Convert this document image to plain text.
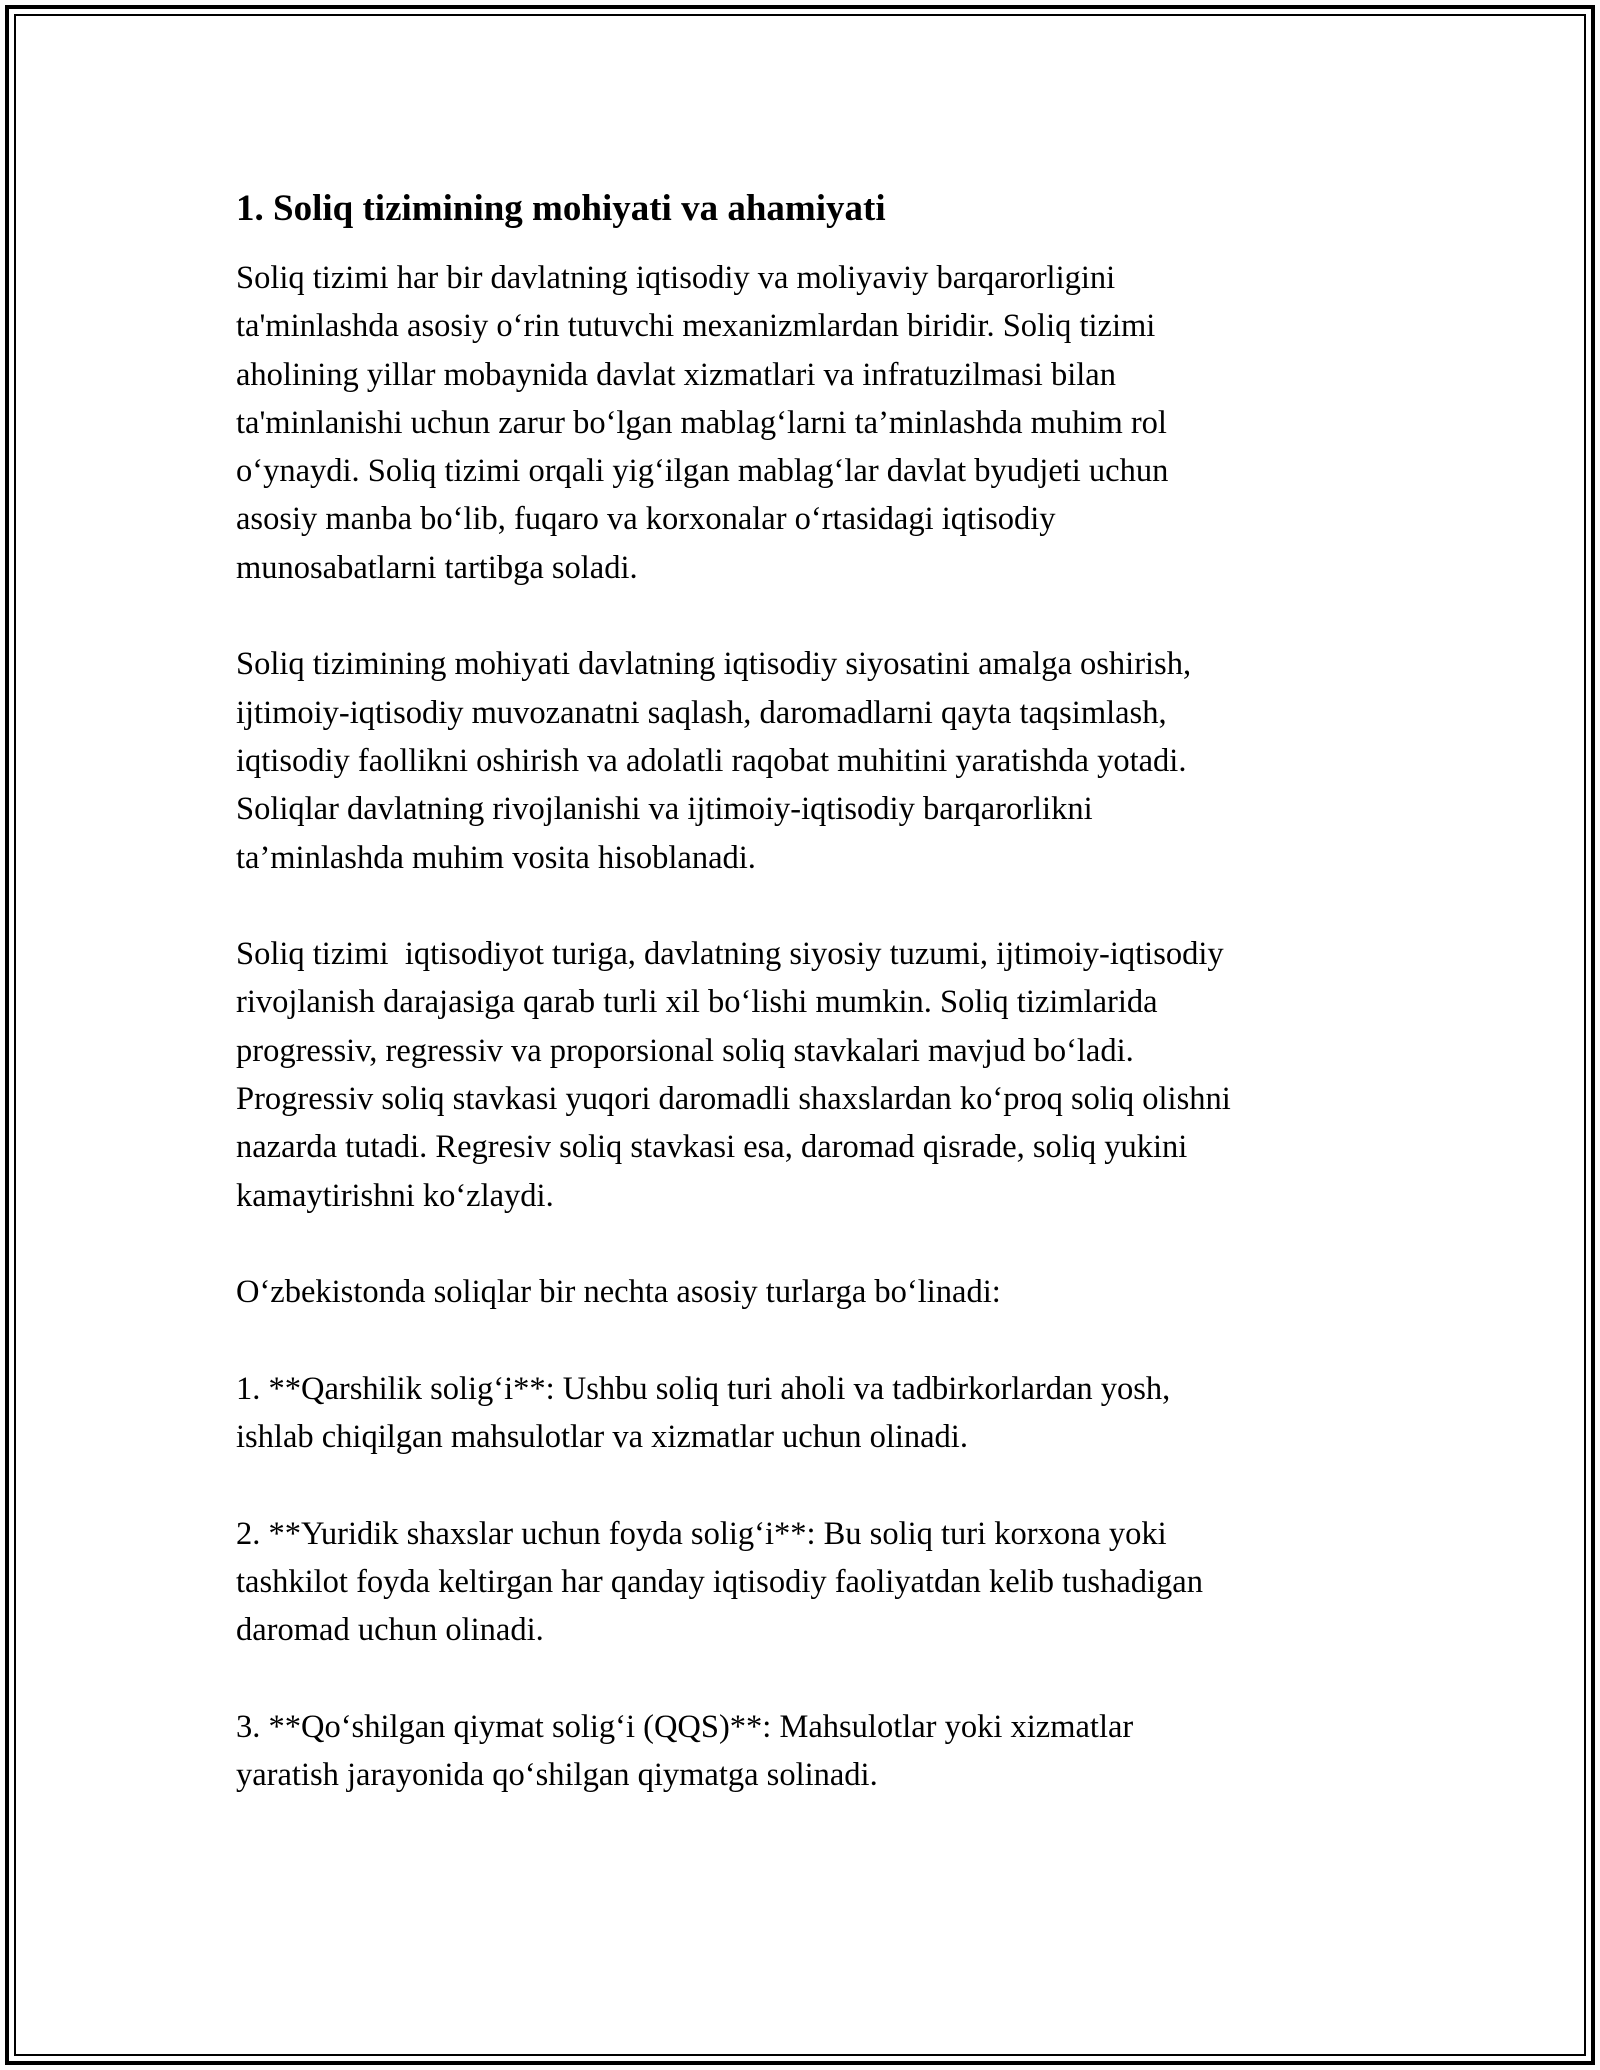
1. Soliq tizimining mohiyati va ahamiyati
Soliq tizimi har bir davlatning iqtisodiy va moliyaviy barqarorligini
ta'minlashda asosiy o‘rin tutuvchi mexanizmlardan biridir. Soliq tizimi
aholining yillar mobaynida davlat xizmatlari va infratuzilmasi bilan
ta'minlanishi uchun zarur bo‘lgan mablag‘larni ta’minlashda muhim rol
o‘ynaydi. Soliq tizimi orqali yig‘ilgan mablag‘lar davlat byudjeti uchun
asosiy manba bo‘lib, fuqaro va korxonalar o‘rtasidagi iqtisodiy
munosabatlarni tartibga soladi.
Soliq tizimining mohiyati davlatning iqtisodiy siyosatini amalga oshirish,
ijtimoiy-iqtisodiy muvozanatni saqlash, daromadlarni qayta taqsimlash,
iqtisodiy faollikni oshirish va adolatli raqobat muhitini yaratishda yotadi.
Soliqlar davlatning rivojlanishi va ijtimoiy-iqtisodiy barqarorlikni
ta’minlashda muhim vosita hisoblanadi.
Soliq tizimi  iqtisodiyot turiga, davlatning siyosiy tuzumi, ijtimoiy-iqtisodiy
rivojlanish darajasiga qarab turli xil bo‘lishi mumkin. Soliq tizimlarida
progressiv, regressiv va proporsional soliq stavkalari mavjud bo‘ladi.
Progressiv soliq stavkasi yuqori daromadli shaxslardan ko‘proq soliq olishni
nazarda tutadi. Regresiv soliq stavkasi esa, daromad qisrade, soliq yukini
kamaytirishni ko‘zlaydi.
O‘zbekistonda soliqlar bir nechta asosiy turlarga bo‘linadi:
1. **Qarshilik solig‘i**: Ushbu soliq turi aholi va tadbirkorlardan yosh,
ishlab chiqilgan mahsulotlar va xizmatlar uchun olinadi.
2. **Yuridik shaxslar uchun foyda solig‘i**: Bu soliq turi korxona yoki
tashkilot foyda keltirgan har qanday iqtisodiy faoliyatdan kelib tushadigan
daromad uchun olinadi.
3. **Qo‘shilgan qiymat solig‘i (QQS)**: Mahsulotlar yoki xizmatlar
yaratish jarayonida qo‘shilgan qiymatga solinadi.
